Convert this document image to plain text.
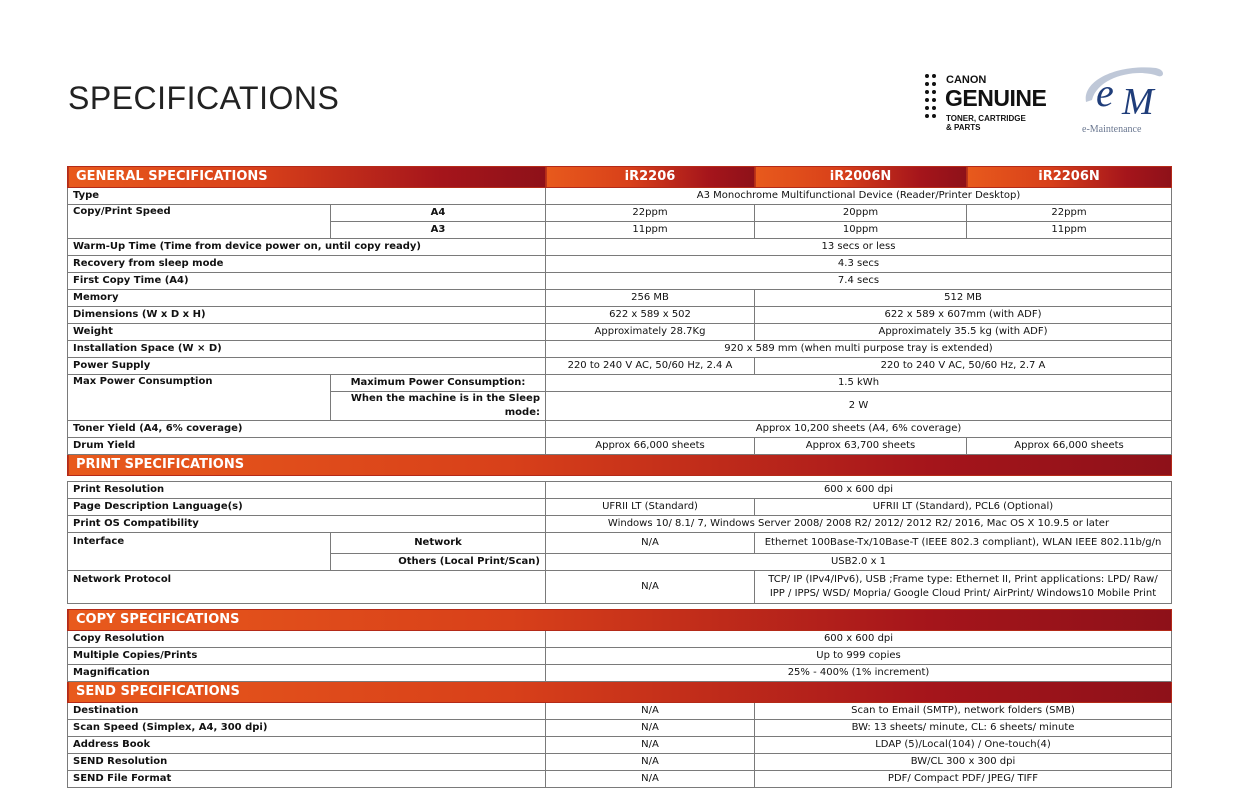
SPECIFICATIONS	CANON
GENUINE
TONER, CARTRIDGE
& PARTS
e M
e-Maintenance
GENERAL SPECIFICATIONS		iR2206	iR2006N	iR2206N
Type		A3 Monochrome Multifunctional Device (Reader/Printer Desktop)		
Copy/Print Speed	A4	22ppm	20ppm	22ppm
	A3	11ppm	10ppm	11ppm
Warm-Up Time (Time from device power on, until copy ready)		13 secs or less		
Recovery from sleep mode		4.3 secs		
First Copy Time (A4)		7.4 secs		
Memory		256 MB	512 MB	
Dimensions (W x D x H)		622 x 589 x 502	622 x 589 x 607mm (with ADF)	
Weight		Approximately 28.7Kg	Approximately 35.5 kg (with ADF)	
Installation Space (W × D)		920 x 589 mm (when multi purpose tray is extended)		
Power Supply		220 to 240 V AC, 50/60 Hz, 2.4 A	220 to 240 V AC, 50/60 Hz, 2.7 A	
Max Power Consumption	Maximum Power Consumption:	1.5 kWh		
	When the machine is in the Sleep mode:	2 W		
Toner Yield (A4, 6% coverage)		Approx 10,200 sheets (A4, 6% coverage)		
Drum Yield		Approx 66,000 sheets	Approx 63,700 sheets	Approx 66,000 sheets
PRINT SPECIFICATIONS				

Print Resolution		600 x 600 dpi		
Page Description Language(s)		UFRII LT (Standard)	UFRII LT (Standard), PCL6 (Optional)	
Print OS Compatibility		Windows 10/ 8.1/ 7, Windows Server 2008/ 2008 R2/ 2012/ 2012 R2/ 2016, Mac OS X 10.9.5 or later		
Interface	Network	N/A	Ethernet 100Base-Tx/10Base-T (IEEE 802.3 compliant), WLAN IEEE 802.11b/g/n	
	Others (Local Print/Scan)	USB2.0 x 1		
Network Protocol		N/A	TCP/ IP (IPv4/IPv6), USB ;Frame type: Ethernet II, Print applications: LPD/ Raw/ IPP / IPPS/ WSD/ Mopria/ Google Cloud Print/ AirPrint/ Windows10 Mobile Print	

COPY SPECIFICATIONS				
Copy Resolution		600 x 600 dpi		
Multiple Copies/Prints		Up to 999 copies		
Magnification		25% - 400% (1% increment)		
SEND SPECIFICATIONS				
Destination		N/A	Scan to Email (SMTP), network folders (SMB)	
Scan Speed (Simplex, A4, 300 dpi)		N/A	BW: 13 sheets/ minute, CL: 6 sheets/ minute	
Address Book		N/A	LDAP (5)/Local(104) / One-touch(4)	
SEND Resolution		N/A	BW/CL 300 x 300 dpi	
SEND File Format		N/A	PDF/ Compact PDF/ JPEG/ TIFF	
